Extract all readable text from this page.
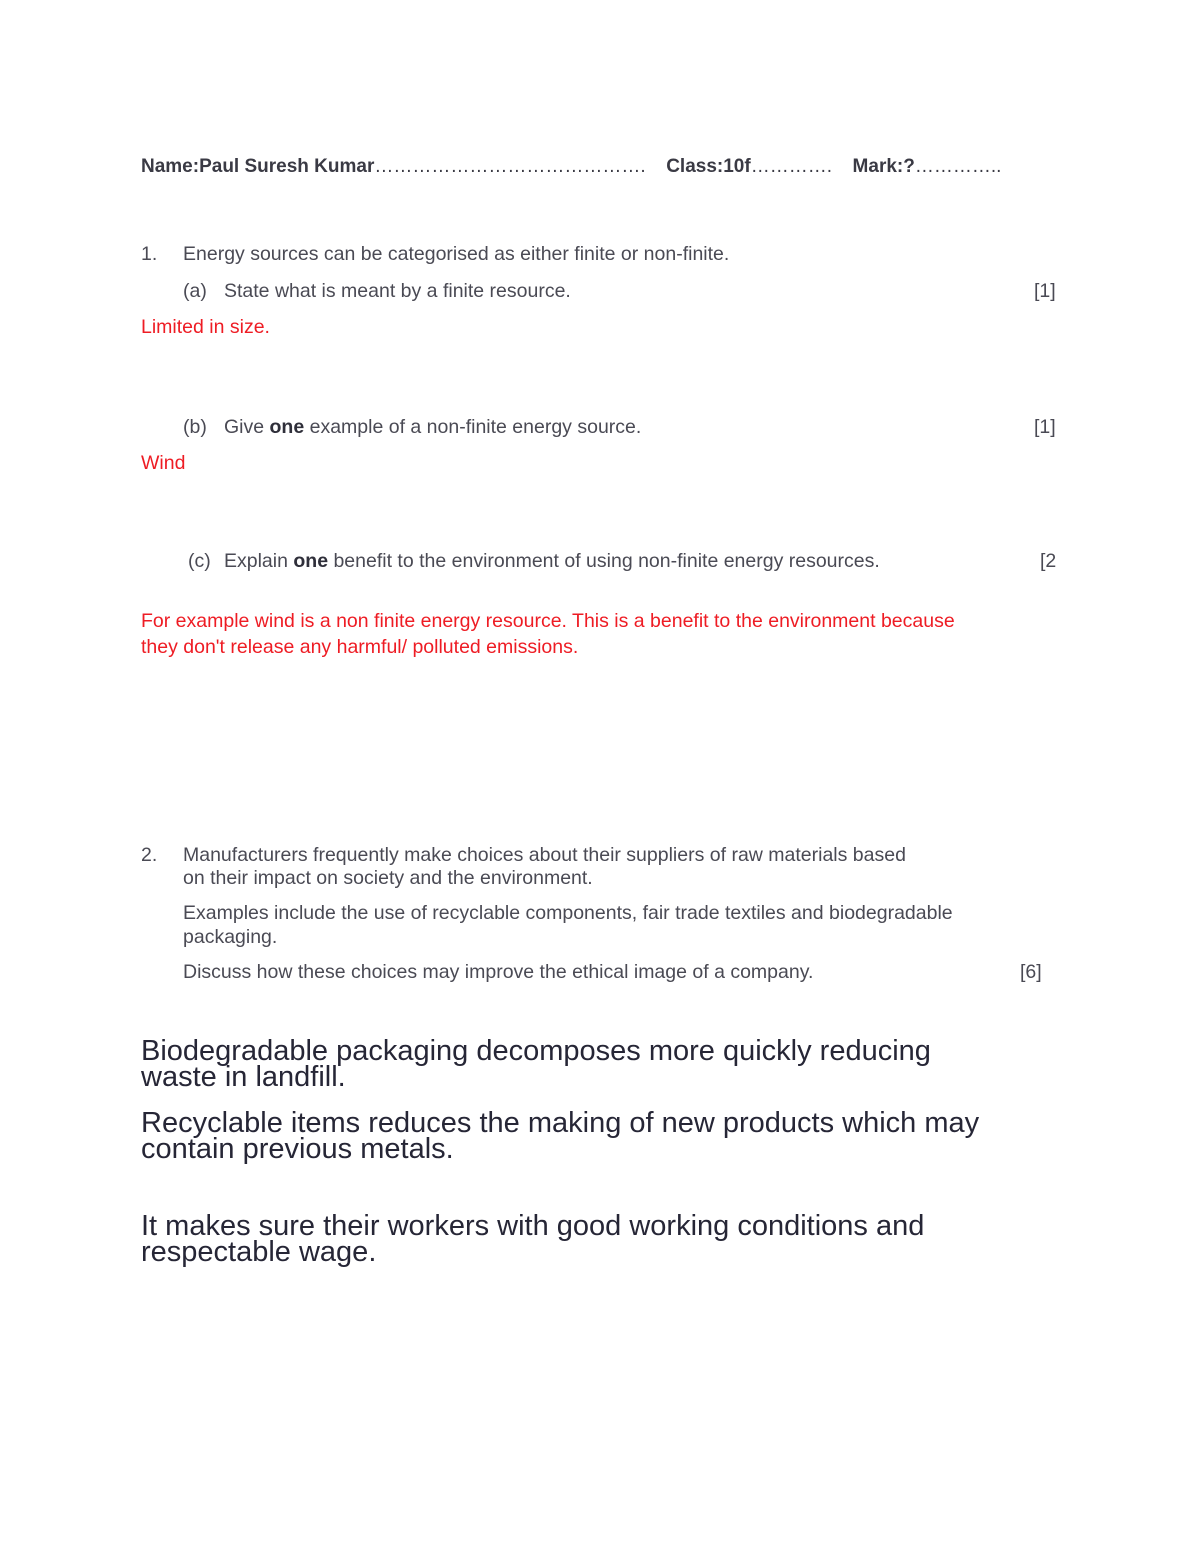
Name:Paul Suresh Kumar……………………………………. Class:10f…………. Mark:?…………..
1. Energy sources can be categorised as either finite or non-finite.
(a) State what is meant by a finite resource.	[1]
Limited in size.
(b) Give one example of a non-finite energy source.	[1]
Wind
(c) Explain one benefit to the environment of using non-finite energy resources.	[2
For example wind is a non finite energy resource. This is a benefit to the environment because
they don't release any harmful/ polluted emissions.
2. Manufacturers frequently make choices about their suppliers of raw materials based
on their impact on society and the environment.
Examples include the use of recyclable components, fair trade textiles and biodegradable
packaging.
Discuss how these choices may improve the ethical image of a company.	[6]
Biodegradable packaging decomposes more quickly reducing
waste in landfill.
Recyclable items reduces the making of new products which may
contain previous metals.
It makes sure their workers with good working conditions and
respectable wage.
